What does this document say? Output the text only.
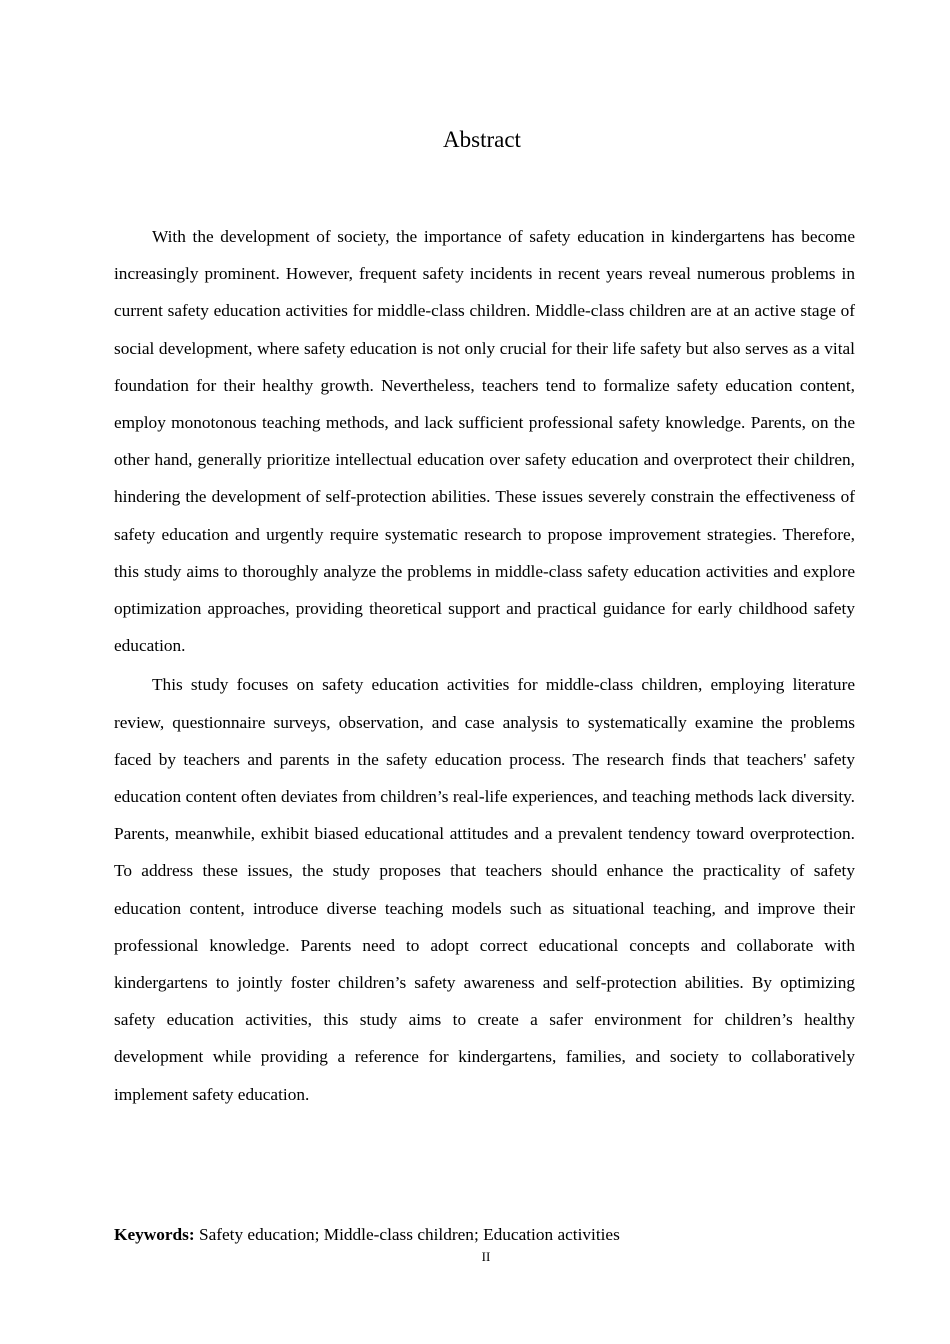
Abstract

With the development of society, the importance of safety education in kindergartens has become increasingly prominent. However, frequent safety incidents in recent years reveal numerous problems in current safety education activities for middle-class children. Middle-class children are at an active stage of social development, where safety education is not only crucial for their life safety but also serves as a vital foundation for their healthy growth. Nevertheless, teachers tend to formalize safety education content, employ monotonous teaching methods, and lack sufficient professional safety knowledge. Parents, on the other hand, generally prioritize intellectual education over safety education and overprotect their children, hindering the development of self-protection abilities. These issues severely constrain the effectiveness of safety education and urgently require systematic research to propose improvement strategies. Therefore, this study aims to thoroughly analyze the problems in middle-class safety education activities and explore optimization approaches, providing theoretical support and practical guidance for early childhood safety education.

This study focuses on safety education activities for middle-class children, employing literature review, questionnaire surveys, observation, and case analysis to systematically examine the problems faced by teachers and parents in the safety education process. The research finds that teachers' safety education content often deviates from children’s real-life experiences, and teaching methods lack diversity. Parents, meanwhile, exhibit biased educational attitudes and a prevalent tendency toward overprotection. To address these issues, the study proposes that teachers should enhance the practicality of safety education content, introduce diverse teaching models such as situational teaching, and improve their professional knowledge. Parents need to adopt correct educational concepts and collaborate with kindergartens to jointly foster children’s safety awareness and self-protection abilities. By optimizing safety education activities, this study aims to create a safer environment for children’s healthy development while providing a reference for kindergartens, families, and society to collaboratively implement safety education.

Keywords: Safety education; Middle-class children; Education activities

II
